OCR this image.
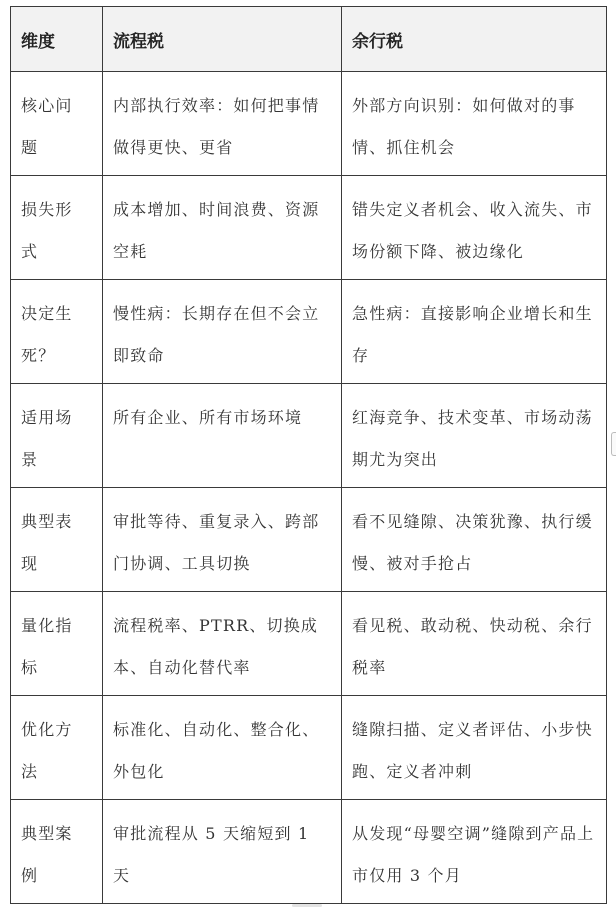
维度	流程税	余行税
核心问题	内部执行效率：如何把事情做得更快、更省	外部方向识别：如何做对的事情、抓住机会
损失形式	成本增加、时间浪费、资源空耗	错失定义者机会、收入流失、市场份额下降、被边缘化
决定生死？	慢性病：长期存在但不会立即致命	急性病：直接影响企业增长和生存
适用场景	所有企业、所有市场环境	红海竞争、技术变革、市场动荡期尤为突出
典型表现	审批等待、重复录入、跨部门协调、工具切换	看不见缝隙、决策犹豫、执行缓慢、被对手抢占
量化指标	流程税率、PTRR、切换成本、自动化替代率	看见税、敢动税、快动税、余行税率
优化方法	标准化、自动化、整合化、外包化	缝隙扫描、定义者评估、小步快跑、定义者冲刺
典型案例	审批流程从 5 天缩短到 1 天	从发现“母婴空调”缝隙到产品上市仅用 3 个月
